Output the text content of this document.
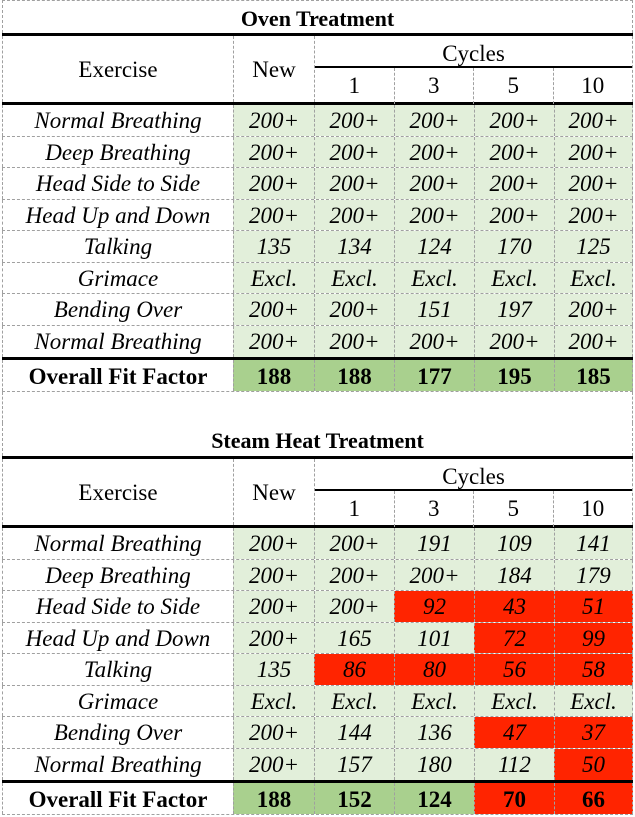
Oven Treatment
Exercise	New
Cycles
1	3	5	10
Normal Breathing	200+	200+	200+	200+	200+
Deep Breathing	200+	200+	200+	200+	200+
Head Side to Side	200+	200+	200+	200+	200+
Head Up and Down	200+	200+	200+	200+	200+
Talking	135	134	124	170	125
Grimace	Excl.	Excl.	Excl.	Excl.	Excl.
Bending Over	200+	200+	151	197	200+
Normal Breathing	200+	200+	200+	200+	200+
Overall Fit Factor	188	188	177	195	185
Steam Heat Treatment
Exercise	New
Cycles
1	3	5	10
Normal Breathing	200+	200+	191	109	141
Deep Breathing	200+	200+	200+	184	179
Head Side to Side	200+	200+	92	43	51
Head Up and Down	200+	165	101	72	99
Talking	135	86	80	56	58
Grimace	Excl.	Excl.	Excl.	Excl.	Excl.
Bending Over	200+	144	136	47	37
Normal Breathing	200+	157	180	112	50
Overall Fit Factor	188	152	124	70	66
